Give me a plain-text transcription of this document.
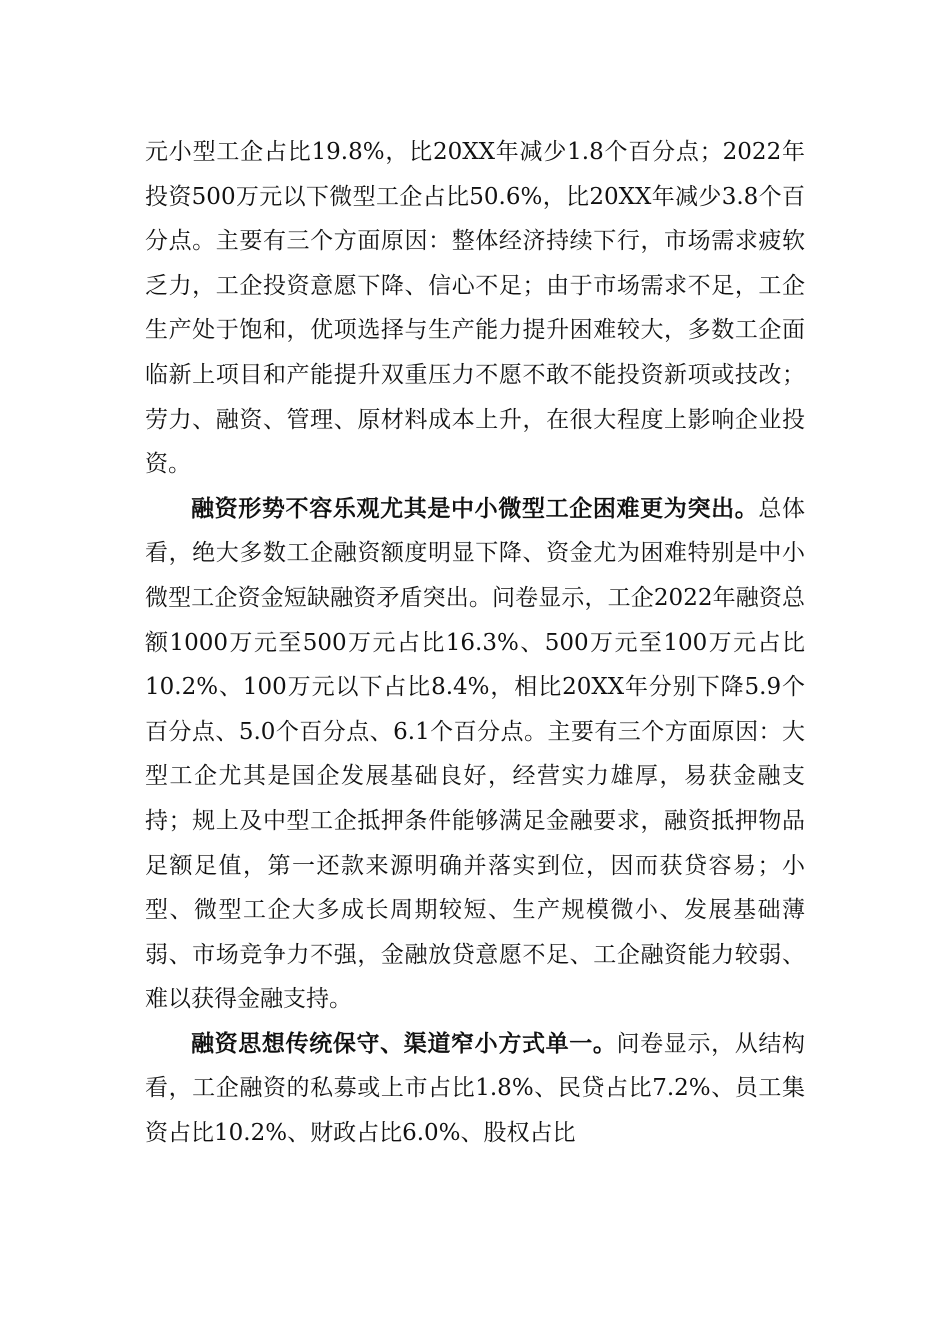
元小型工企占比19.8%，比20XX年减少1.8个百分点；2022年投资500万元以下微型工企占比50.6%，比20XX年减少3.8个百分点。主要有三个方面原因：整体经济持续下行，市场需求疲软乏力，工企投资意愿下降、信心不足；由于市场需求不足，工企生产处于饱和，优项选择与生产能力提升困难较大，多数工企面临新上项目和产能提升双重压力不愿不敢不能投资新项或技改；劳力、融资、管理、原材料成本上升，在很大程度上影响企业投资。

融资形势不容乐观尤其是中小微型工企困难更为突出。总体看，绝大多数工企融资额度明显下降、资金尤为困难特别是中小微型工企资金短缺融资矛盾突出。问卷显示，工企2022年融资总额1000万元至500万元占比16.3%、500万元至100万元占比10.2%、100万元以下占比8.4%，相比20XX年分别下降5.9个百分点、5.0个百分点、6.1个百分点。主要有三个方面原因：大型工企尤其是国企发展基础良好，经营实力雄厚，易获金融支持；规上及中型工企抵押条件能够满足金融要求，融资抵押物品足额足值，第一还款来源明确并落实到位，因而获贷容易；小型、微型工企大多成长周期较短、生产规模微小、发展基础薄弱、市场竞争力不强，金融放贷意愿不足、工企融资能力较弱、难以获得金融支持。

融资思想传统保守、渠道窄小方式单一。问卷显示，从结构看，工企融资的私募或上市占比1.8%、民贷占比7.2%、员工集资占比10.2%、财政占比6.0%、股权占比
